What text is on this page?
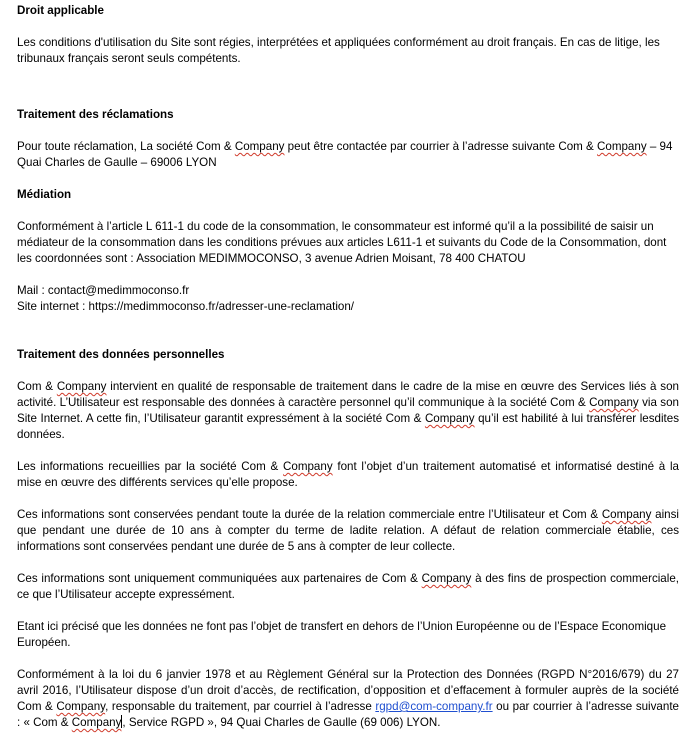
Droit applicable

Les conditions d'utilisation du Site sont régies, interprétées et appliquées conformément au droit français. En cas de litige, les tribunaux français seront seuls compétents.

Traitement des réclamations

Pour toute réclamation, La société Com & Company peut être contactée par courrier à l’adresse suivante Com & Company – 94 Quai Charles de Gaulle – 69006 LYON

Médiation

Conformément à l’article L 611-1 du code de la consommation, le consommateur est informé qu’il a la possibilité de saisir un médiateur de la consommation dans les conditions prévues aux articles L611-1 et suivants du Code de la Consommation, dont les coordonnées sont : Association MEDIMMOCONSO, 3 avenue Adrien Moisant, 78 400 CHATOU

Mail : contact@medimmoconso.fr

Site internet : https://medimmoconso.fr/adresser-une-reclamation/

Traitement des données personnelles

Com & Company intervient en qualité de responsable de traitement dans le cadre de la mise en œuvre des Services liés à son activité. L’Utilisateur est responsable des données à caractère personnel qu’il communique à la société Com & Company via son Site Internet. A cette fin, l’Utilisateur garantit expressément à la société Com & Company qu’il est habilité à lui transférer lesdites données.

Les informations recueillies par la société Com & Company font l’objet d’un traitement automatisé et informatisé destiné à la mise en œuvre des différents services qu’elle propose.

Ces informations sont conservées pendant toute la durée de la relation commerciale entre l’Utilisateur et Com & Company ainsi que pendant une durée de 10 ans à compter du terme de ladite relation. A défaut de relation commerciale établie, ces informations sont conservées pendant une durée de 5 ans à compter de leur collecte.

Ces informations sont uniquement communiquées aux partenaires de Com & Company à des fins de prospection commerciale, ce que l’Utilisateur accepte expressément.

Etant ici précisé que les données ne font pas l’objet de transfert en dehors de l’Union Européenne ou de l’Espace Economique Européen.

Conformément à la loi du 6 janvier 1978 et au Règlement Général sur la Protection des Données (RGPD N°2016/679) du 27 avril 2016, l’Utilisateur dispose d’un droit d’accès, de rectification, d’opposition et d’effacement à formuler auprès de la société Com & Company, responsable du traitement, par courriel à l’adresse rgpd@com-company.fr ou par courrier à l’adresse suivante : « Com & Company, Service RGPD », 94 Quai Charles de Gaulle (69 006) LYON.
